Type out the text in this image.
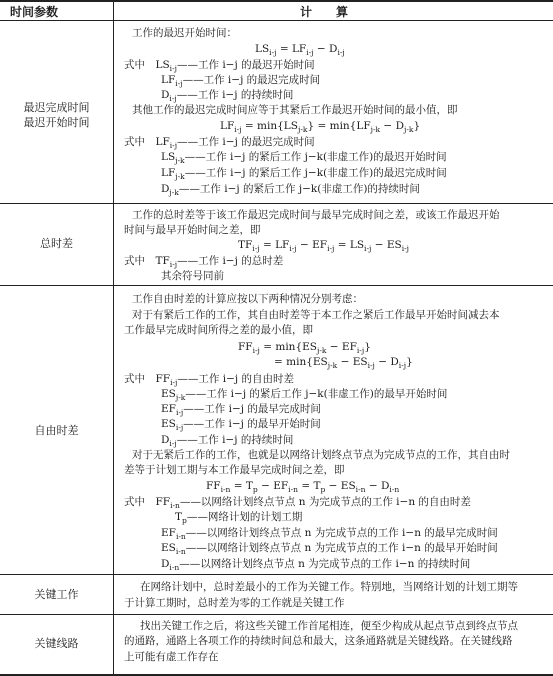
时间参数	计　　算
最迟完成时间
最迟开始时间
工作的最迟开始时间：
$LS_{i-j} = LF_{i-j} - D_{i-j}$
式中　$LS_{i-j}——$工作 i−j 的最迟开始时间
$LF_{i-j}——$工作 i−j 的最迟完成时间
$D_{i-j}——$工作 i−j 的持续时间
其他工作的最迟完成时间应等于其紧后工作最迟开始时间的最小值，即
$LF_{i-j} = \min\{LS_{j-k}\} = \min\{LF_{j-k} - D_{j-k}\}$
式中　$LF_{i-j}——$工作 i−j 的最迟完成时间
$LS_{j-k}——$工作 i−j 的紧后工作 j−k(非虚工作)的最迟开始时间
$LF_{j-k}——$工作 i−j 的紧后工作 j−k(非虚工作)的最迟完成时间
$D_{j-k}——$工作 i−j 的紧后工作 j−k(非虚工作)的持续时间
总时差
工作的总时差等于该工作最迟完成时间与最早完成时间之差，或该工作最迟开始
时间与最早开始时间之差，即
$TF_{i-j} = LF_{i-j} - EF_{i-j} = LS_{i-j} - ES_{i-j}$
式中　$TF_{i-j}——$工作 i−j 的总时差
其余符号同前
自由时差
工作自由时差的计算应按以下两种情况分别考虑：
对于有紧后工作的工作，其自由时差等于本工作之紧后工作最早开始时间减去本
工作最早完成时间所得之差的最小值，即
$FF_{i-j} = \min\{ES_{j-k} - EF_{i-j}\}$
= $\min\{ES_{j-k} - ES_{i-j} - D_{i-j}\}$
式中　$FF_{i-j}——$工作 i−j 的自由时差
$ES_{j-k}——$工作 i−j 的紧后工作 j−k(非虚工作)的最早开始时间
$EF_{i-j}——$工作 i−j 的最早完成时间
$ES_{i-j}——$工作 i−j 的最早开始时间
$D_{i-j}——$工作 i−j 的持续时间
对于无紧后工作的工作，也就是以网络计划终点节点为完成节点的工作，其自由时
差等于计划工期与本工作最早完成时间之差，即
$FF_{i-n} = T_p - EF_{i-n} = T_p - ES_{i-n} - D_{i-n}$
式中　$FF_{i-n}——$以网络计划终点节点 n 为完成节点的工作 i−n 的自由时差
$T_p——$网络计划的计划工期
$EF_{i-n}——$以网络计划终点节点 n 为完成节点的工作 i−n 的最早完成时间
$ES_{i-n}——$以网络计划终点节点 n 为完成节点的工作 i−n 的最早开始时间
$D_{i-n}——$以网络计划终点节点 n 为完成节点的工作 i−n 的持续时间
关键工作
在网络计划中，总时差最小的工作为关键工作。特别地，当网络计划的计划工期等
于计算工期时，总时差为零的工作就是关键工作
关键线路
找出关键工作之后，将这些关键工作首尾相连，便至少构成从起点节点到终点节点
的通路，通路上各项工作的持续时间总和最大，这条通路就是关键线路。在关键线路
上可能有虚工作存在
